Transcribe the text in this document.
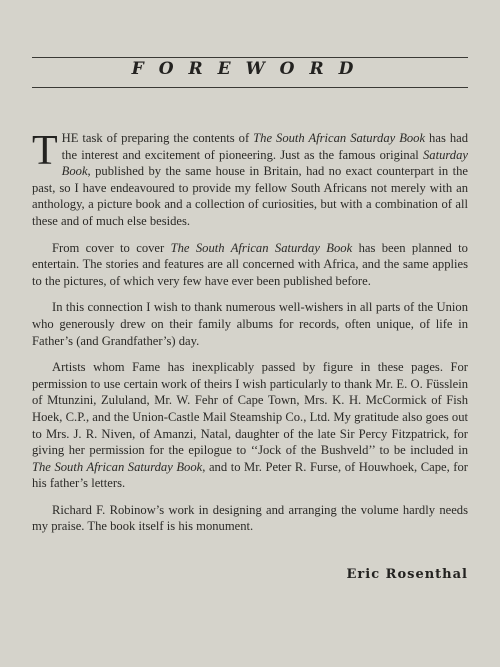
FOREWORD

THE task of preparing the contents of The South African Saturday Book has had the interest and excitement of pioneering. Just as the famous original Saturday Book, published by the same house in Britain, had no exact counterpart in the past, so I have endeavoured to provide my fellow South Africans not merely with an anthology, a picture book and a collection of curiosities, but with a combination of all these and of much else besides.

From cover to cover The South African Saturday Book has been planned to entertain. The stories and features are all concerned with Africa, and the same applies to the pictures, of which very few have ever been published before.

In this connection I wish to thank numerous well-wishers in all parts of the Union who generously drew on their family albums for records, often unique, of life in Father’s (and Grandfather’s) day.

Artists whom Fame has inexplicably passed by figure in these pages. For permission to use certain work of theirs I wish particularly to thank Mr. E. O. Füsslein of Mtunzini, Zululand, Mr. W. Fehr of Cape Town, Mrs. K. H. McCormick of Fish Hoek, C.P., and the Union-Castle Mail Steamship Co., Ltd. My gratitude also goes out to Mrs. J. R. Niven, of Amanzi, Natal, daughter of the late Sir Percy Fitzpatrick, for giving her permission for the epilogue to ‘‘Jock of the Bushveld’’ to be included in The South African Saturday Book, and to Mr. Peter R. Furse, of Houwhoek, Cape, for his father’s letters.

Richard F. Robinow’s work in designing and arranging the volume hardly needs my praise. The book itself is his monument.

Eric Rosenthal
